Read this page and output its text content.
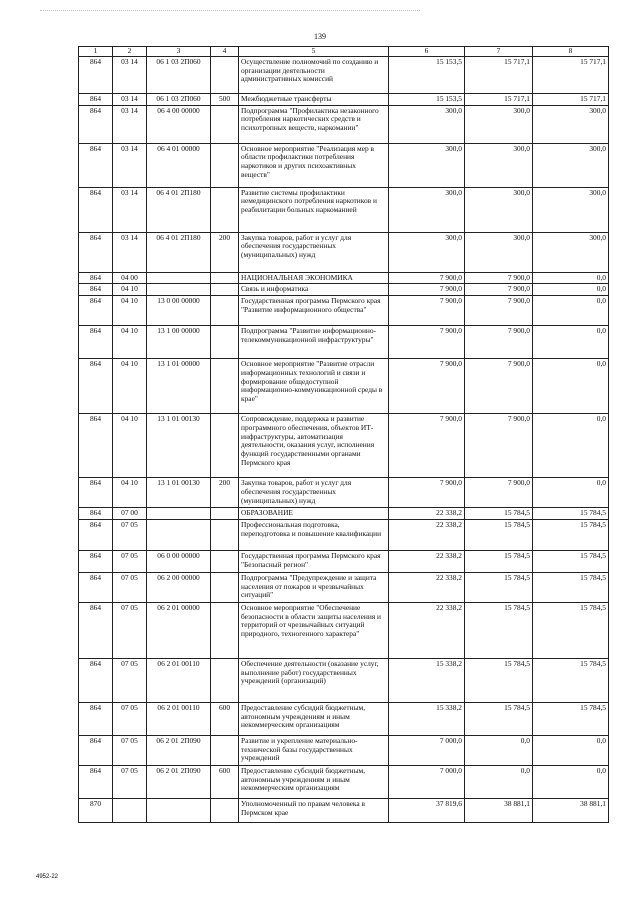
139
1	2	3	4	5	6	7	8
864	03 14	06 1 03 2П060		Осуществление полномочий по созданию и организации деятельности административных комиссий	15 153,5	15 717,1	15 717,1
864	03 14	06 1 03 2П060	500	Межбюджетные трансферты	15 153,5	15 717,1	15 717,1
864	03 14	06 4 00 00000		Подпрограмма "Профилактика незаконного потребления наркотических средств и психотропных веществ, наркомании"	300,0	300,0	300,0
864	03 14	06 4 01 00000		Основное мероприятие "Реализация мер в области профилактики потребления наркотиков и других психоактивных веществ"	300,0	300,0	300,0
864	03 14	06 4 01 2П180		Развитие системы профилактики немедицинского потребления наркотиков и реабилитации больных наркоманией	300,0	300,0	300,0
864	03 14	06 4 01 2П180	200	Закупка товаров, работ и услуг для обеспечения государственных (муниципальных) нужд	300,0	300,0	300,0
864	04 00			НАЦИОНАЛЬНАЯ ЭКОНОМИКА	7 900,0	7 900,0	0,0
864	04 10			Связь и информатика	7 900,0	7 900,0	0,0
864	04 10	13 0 00 00000		Государственная программа Пермского края "Развитие информационного общества"	7 900,0	7 900,0	0,0
864	04 10	13 1 00 00000		Подпрограмма "Развитие информационно-телекоммуникационной инфраструктуры"	7 900,0	7 900,0	0,0
864	04 10	13 1 01 00000		Основное мероприятие "Развитие отрасли информационных технологий и связи и формирование общедоступной информационно-коммуникационной среды в крае"	7 900,0	7 900,0	0,0
864	04 10	13 1 01 00130		Сопровождение, поддержка и развитие программного обеспечения, объектов ИТ-инфраструктуры, автоматизация деятельности, оказания услуг, исполнения функций государственными органами Пермского края	7 900,0	7 900,0	0,0
864	04 10	13 1 01 00130	200	Закупка товаров, работ и услуг для обеспечения государственных (муниципальных) нужд	7 900,0	7 900,0	0,0
864	07 00			ОБРАЗОВАНИЕ	22 338,2	15 784,5	15 784,5
864	07 05			Профессиональная подготовка, переподготовка и повышение квалификации	22 338,2	15 784,5	15 784,5
864	07 05	06 0 00 00000		Государственная программа Пермского края "Безопасный регион"	22 338,2	15 784,5	15 784,5
864	07 05	06 2 00 00000		Подпрограмма "Предупреждение и защита населения от пожаров и чрезвычайных ситуаций"	22 338,2	15 784,5	15 784,5
864	07 05	06 2 01 00000		Основное мероприятие "Обеспечение безопасности в области защиты населения и территорий от чрезвычайных ситуаций природного, техногенного характера"	22 338,2	15 784,5	15 784,5
864	07 05	06 2 01 00110		Обеспечение деятельности (оказание услуг, выполнение работ) государственных учреждений (организаций)	15 338,2	15 784,5	15 784,5
864	07 05	06 2 01 00110	600	Предоставление субсидий бюджетным, автономным учреждениям и иным некоммерческим организациям	15 338,2	15 784,5	15 784,5
864	07 05	06 2 01 2П090		Развитие и укрепление материально-технической базы государственных учреждений	7 000,0	0,0	0,0
864	07 05	06 2 01 2П090	600	Предоставление субсидий бюджетным, автономным учреждениям и иным некоммерческим организациям	7 000,0	0,0	0,0
870				Уполномоченный по правам человека в Пермском крае	37 819,6	38 881,1	38 881,1
4952-22
